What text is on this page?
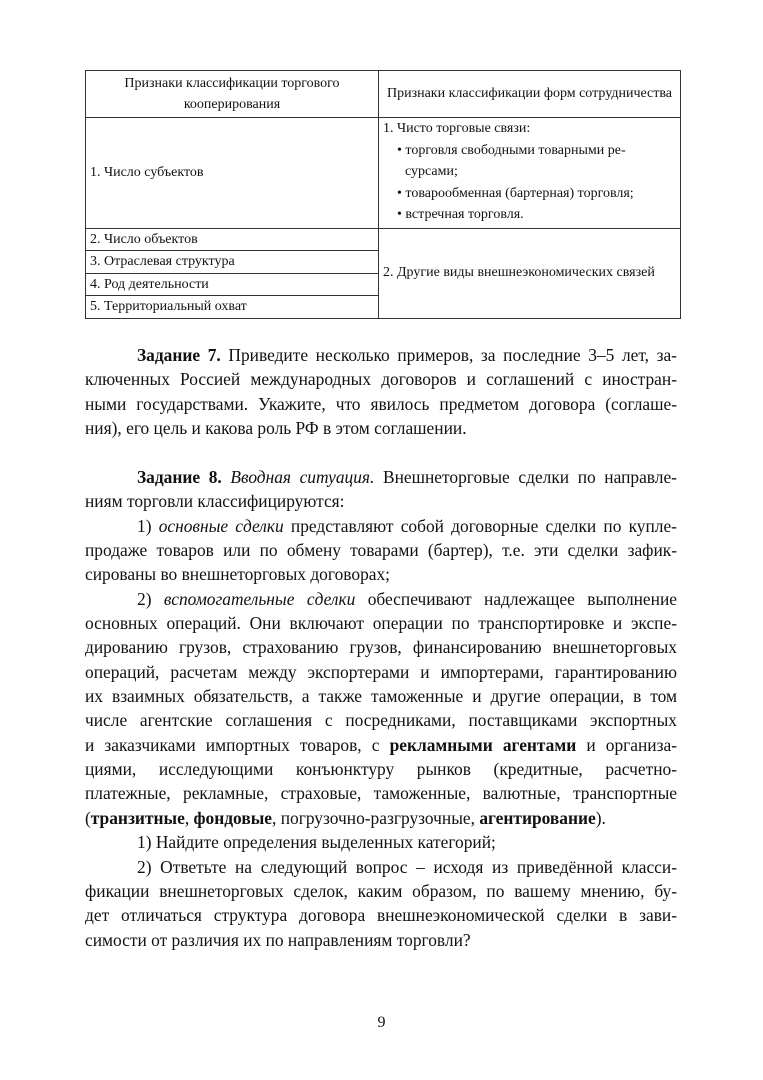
Признаки классификации торгового кооперирования	Признаки классификации форм сотрудничества
1. Число субъектов	1. Чисто торговые связи:
• торговля свободными товарными ре-
сурсами;
• товарообменная (бартерная) торговля;
• встречная торговля.

2. Число объектов	2. Другие виды внешнеэкономических связей
3. Отраслевая структура	
4. Род деятельности	
5. Территориальный охват	
Задание 7. Приведите несколько примеров, за последние 3–5 лет, за-
ключенных Россией международных договоров и соглашений с иностран-
ными государствами. Укажите, что явилось предметом договора (соглаше-
ния), его цель и какова роль РФ в этом соглашении.
Задание 8. Вводная ситуация. Внешнеторговые сделки по направле-
ниям торговли классифицируются:
1) основные сделки представляют собой договорные сделки по купле-
продаже товаров или по обмену товарами (бартер), т.е. эти сделки зафик-
сированы во внешнеторговых договорах;
2) вспомогательные сделки обеспечивают надлежащее выполнение
основных операций. Они включают операции по транспортировке и экспе-
дированию грузов, страхованию грузов, финансированию внешнеторговых
операций, расчетам между экспортерами и импортерами, гарантированию
их взаимных обязательств, а также таможенные и другие операции, в том
числе агентские соглашения с посредниками, поставщиками экспортных
и заказчиками импортных товаров, с рекламными агентами и организа-
циями, исследующими конъюнктуру рынков (кредитные, расчетно-
платежные, рекламные, страховые, таможенные, валютные, транспортные
(транзитные, фондовые, погрузочно-разгрузочные, агентирование).
1) Найдите определения выделенных категорий;
2) Ответьте на следующий вопрос – исходя из приведённой класси-
фикации внешнеторговых сделок, каким образом, по вашему мнению, бу-
дет отличаться структура договора внешнеэкономической сделки в зави-
симости от различия их по направлениям торговли?
9
